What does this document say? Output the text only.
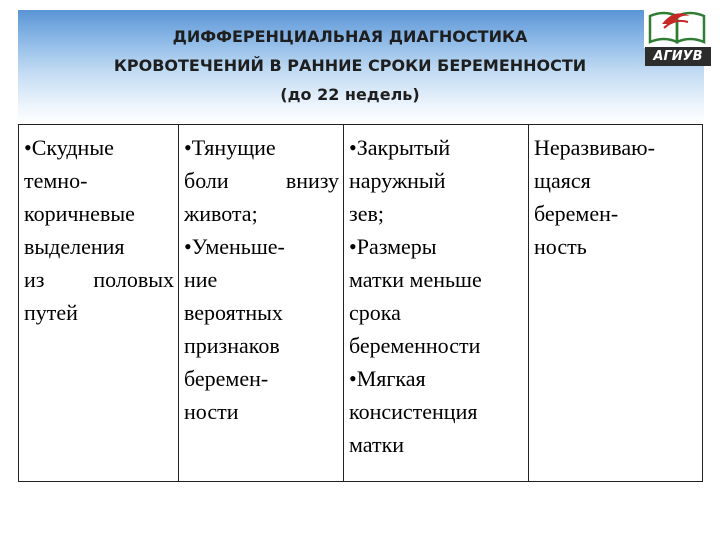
ДИФФЕРЕНЦИАЛЬНАЯ ДИАГНОСТИКА
КРОВОТЕЧЕНИЙ В РАННИЕ СРОКИ БЕРЕМЕННОСТИ
(до 22 недель)
АГИУВ
•Скудные
темно-
коричневые
выделения
из половых
путей

•Тянущие
боли внизу
живота;
•Уменьше-
ние
вероятных
признаков
беремен-
ности

•Закрытый
наружный
зев;
•Размеры
матки меньше
срока
беременности
•Мягкая
консистенция
матки

Неразвиваю-
щаяся
беремен-
ность
